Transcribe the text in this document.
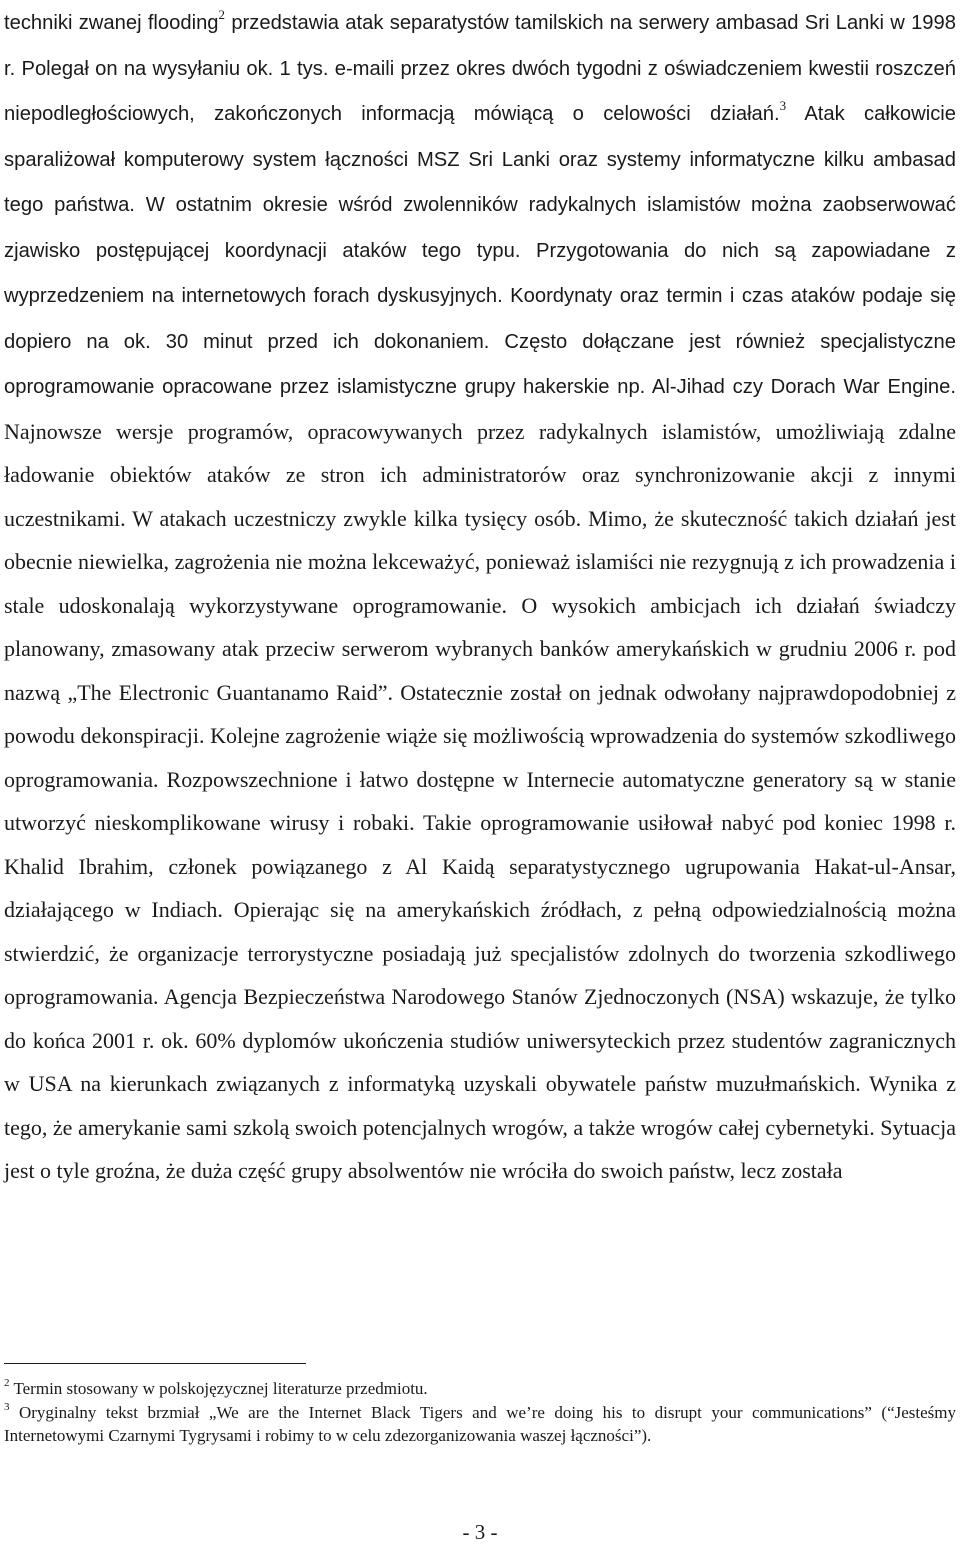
techniki zwanej flooding$^2$ przedstawia atak separatystów tamilskich na serwery ambasad Sri Lanki w 1998 r. Polegał on na wysyłaniu ok. 1 tys. e-maili przez okres dwóch tygodni z oświadczeniem kwestii roszczeń niepodległościowych, zakończonych informacją mówiącą o celowości działań.$^3$ Atak całkowicie sparaliżował komputerowy system łączności MSZ Sri Lanki oraz systemy informatyczne kilku ambasad tego państwa. W ostatnim okresie wśród zwolenników radykalnych islamistów można zaobserwować zjawisko postępującej koordynacji ataków tego typu. Przygotowania do nich są zapowiadane z wyprzedzeniem na internetowych forach dyskusyjnych. Koordynaty oraz termin i czas ataków podaje się dopiero na ok. 30 minut przed ich dokonaniem. Często dołączane jest również specjalistyczne oprogramowanie opracowane przez islamistyczne grupy hakerskie np. Al-Jihad czy Dorach War Engine. Najnowsze wersje programów, opracowywanych przez radykalnych islamistów, umożliwiają zdalne ładowanie obiektów ataków ze stron ich administratorów oraz synchronizowanie akcji z innymi uczestnikami. W atakach uczestniczy zwykle kilka tysięcy osób. Mimo, że skuteczność takich działań jest obecnie niewielka, zagrożenia nie można lekceważyć, ponieważ islamiści nie rezygnują z ich prowadzenia i stale udoskonalają wykorzystywane oprogramowanie. O wysokich ambicjach ich działań świadczy planowany, zmasowany atak przeciw serwerom wybranych banków amerykańskich w grudniu 2006 r. pod nazwą „The Electronic Guantanamo Raid”. Ostatecznie został on jednak odwołany najprawdopodobniej z powodu dekonspiracji. Kolejne zagrożenie wiąże się możliwością wprowadzenia do systemów szkodliwego oprogramowania. Rozpowszechnione i łatwo dostępne w Internecie automatyczne generatory są w stanie utworzyć nieskomplikowane wirusy i robaki. Takie oprogramowanie usiłował nabyć pod koniec 1998 r. Khalid Ibrahim, członek powiązanego z Al Kaidą separatystycznego ugrupowania Hakat-ul-Ansar, działającego w Indiach. Opierając się na amerykańskich źródłach, z pełną odpowiedzialnością można stwierdzić, że organizacje terrorystyczne posiadają już specjalistów zdolnych do tworzenia szkodliwego oprogramowania. Agencja Bezpieczeństwa Narodowego Stanów Zjednoczonych (NSA) wskazuje, że tylko do końca 2001 r. ok. 60% dyplomów ukończenia studiów uniwersyteckich przez studentów zagranicznych w USA na kierunkach związanych z informatyką uzyskali obywatele państw muzułmańskich. Wynika z tego, że amerykanie sami szkolą swoich potencjalnych wrogów, a także wrogów całej cybernetyki. Sytuacja jest o tyle groźna, że duża część grupy absolwentów nie wróciła do swoich państw, lecz została

$^2$ Termin stosowany w polskojęzycznej literaturze przedmiotu.

$^3$ Oryginalny tekst brzmiał „We are the Internet Black Tigers and we’re doing his to disrupt your communications” (“Jesteśmy Internetowymi Czarnymi Tygrysami i robimy to w celu zdezorganizowania waszej łączności”).

- 3 -
